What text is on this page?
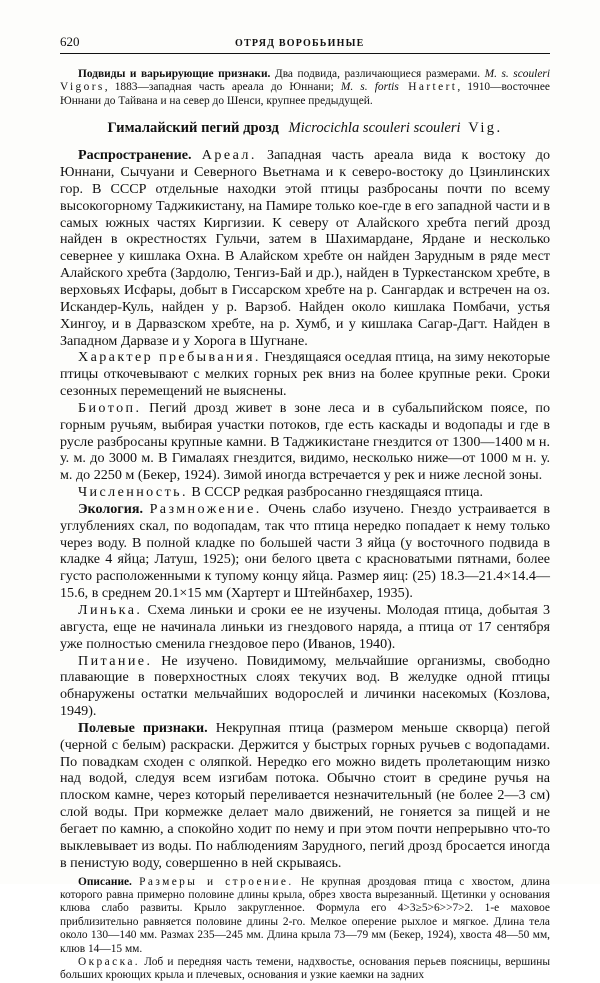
620	ОТРЯД ВОРОБЬИНЫЕ

Подвиды и варьирующие признаки. Два подвида, различающиеся размерами. M. s. scouleri Vigors, 1883—западная часть ареала до Юннани; M. s. fortis Hartert, 1910—восточнее Юннани до Тайвана и на север до Шенси, крупнее предыдущей.

Гималайский пегий дрозд Microcichla scouleri scouleri Vig.

Распространение. Ареал. Западная часть ареала вида к востоку до Юннани, Сычуани и Северного Вьетнама и к северо-востоку до Цзинлинских гор. В СССР отдельные находки этой птицы разбросаны почти по всему высокогорному Таджикистану, на Памире только кое-где в его западной части и в самых южных частях Киргизии. К северу от Алайского хребта пегий дрозд найден в окрестностях Гульчи, затем в Шахимардане, Ярдане и несколько севернее у кишлака Охна. В Алайском хребте он найден Зарудным в ряде мест Алайского хребта (Зардолю, Тенгиз-Бай и др.), найден в Туркестанском хребте, в верховьях Исфары, добыт в Гиссарском хребте на р. Сангардак и встречен на оз. Искандер-Куль, найден у р. Варзоб. Найден около кишлака Помбачи, устья Хингоу, и в Дарвазском хребте, на р. Хумб, и у кишлака Сагар-Дагт. Найден в Западном Дарвазе и у Хорога в Шугнане.

Характер пребывания. Гнездящаяся оседлая птица, на зиму некоторые птицы откочевывают с мелких горных рек вниз на более крупные реки. Сроки сезонных перемещений не выяснены.

Биотоп. Пегий дрозд живет в зоне леса и в субальпийском поясе, по горным ручьям, выбирая участки потоков, где есть каскады и водопады и где в русле разбросаны крупные камни. В Таджикистане гнездится от 1300—1400 м н. у. м. до 3000 м. В Гималаях гнездится, видимо, несколько ниже—от 1000 м н. у. м. до 2250 м (Бекер, 1924). Зимой иногда встречается у рек и ниже лесной зоны.

Численность. В СССР редкая разбросанно гнездящаяся птица.

Экология. Размножение. Очень слабо изучено. Гнездо устраивается в углублениях скал, по водопадам, так что птица нередко попадает к нему только через воду. В полной кладке по большей части 3 яйца (у восточного подвида в кладке 4 яйца; Латуш, 1925); они белого цвета с красноватыми пятнами, более густо расположенными к тупому концу яйца. Размер яиц: (25) 18.3—21.4×14.4—15.6, в среднем 20.1×15 мм (Хартерт и Штейнбахер, 1935).

Линька. Схема линьки и сроки ее не изучены. Молодая птица, добытая 3 августа, еще не начинала линьки из гнездового наряда, а птица от 17 сентября уже полностью сменила гнездовое перо (Иванов, 1940).

Питание. Не изучено. Повидимому, мельчайшие организмы, свободно плавающие в поверхностных слоях текучих вод. В желудке одной птицы обнаружены остатки мельчайших водорослей и личинки насекомых (Козлова, 1949).

Полевые признаки. Некрупная птица (размером меньше скворца) пегой (черной с белым) раскраски. Держится у быстрых горных ручьев с водопадами. По повадкам сходен с оляпкой. Нередко его можно видеть пролетающим низко над водой, следуя всем изгибам потока. Обычно стоит в средине ручья на плоском камне, через который переливается незначительный (не более 2—3 см) слой воды. При кормежке делает мало движений, не гоняется за пищей и не бегает по камню, а спокойно ходит по нему и при этом почти непрерывно что-то выклевывает из воды. По наблюдениям Зарудного, пегий дрозд бросается иногда в пенистую воду, совершенно в ней скрываясь.

Описание. Размеры и строение. Не крупная дроздовая птица с хвостом, длина которого равна примерно половине длины крыла, обрез хвоста вырезанный. Щетинки у основания клюва слабо развиты. Крыло закругленное. Формула его 4>3≥5>6>>7>2. 1-е маховое приблизительно равняется половине длины 2-го. Мелкое оперение рыхлое и мягкое. Длина тела около 130—140 мм. Размах 235—245 мм. Длина крыла 73—79 мм (Бекер, 1924), хвоста 48—50 мм, клюв 14—15 мм.

Окраска. Лоб и передняя часть темени, надхвостье, основания перьев поясницы, вершины больших кроющих крыла и плечевых, основания и узкие каемки на задних
